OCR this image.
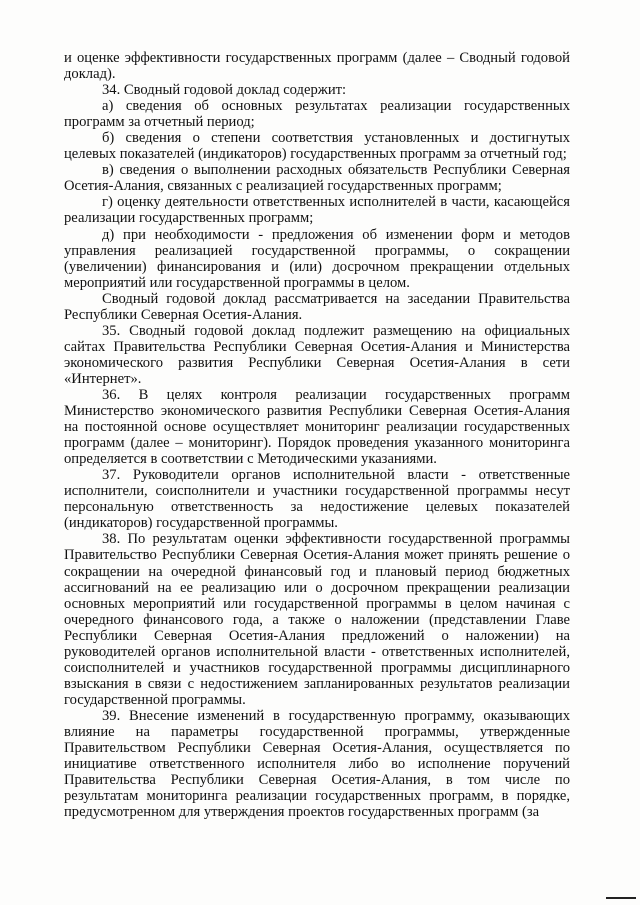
и оценке эффективности государственных программ (далее – Сводный годовой доклад).

34. Сводный годовой доклад содержит:

а) сведения об основных результатах реализации государственных программ за отчетный период;

б) сведения о степени соответствия установленных и достигнутых целевых показателей (индикаторов) государственных программ за отчетный год;

в) сведения о выполнении расходных обязательств Республики Северная Осетия-Алания, связанных с реализацией государственных программ;

г) оценку деятельности ответственных исполнителей в части, касающейся реализации государственных программ;

д) при необходимости - предложения об изменении форм и методов управления реализацией государственной программы, о сокращении (увеличении) финансирования и (или) досрочном прекращении отдельных мероприятий или государственной программы в целом.

Сводный годовой доклад рассматривается на заседании Правительства Республики Северная Осетия-Алания.

35. Сводный годовой доклад подлежит размещению на официальных сайтах Правительства Республики Северная Осетия-Алания и Министерства экономического развития Республики Северная Осетия-Алания в сети «Интернет».

36. В целях контроля реализации государственных программ Министерство экономического развития Республики Северная Осетия-Алания на постоянной основе осуществляет мониторинг реализации государственных программ (далее – мониторинг). Порядок проведения указанного мониторинга определяется в соответствии с Методическими указаниями.

37. Руководители органов исполнительной власти - ответственные исполнители, соисполнители и участники государственной программы несут персональную ответственность за недостижение целевых показателей (индикаторов) государственной программы.

38. По результатам оценки эффективности государственной программы Правительство Республики Северная Осетия-Алания может принять решение о сокращении на очередной финансовый год и плановый период бюджетных ассигнований на ее реализацию или о досрочном прекращении реализации основных мероприятий или государственной программы в целом начиная с очередного финансового года, а также о наложении (представлении Главе Республики Северная Осетия-Алания предложений о наложении) на руководителей органов исполнительной власти - ответственных исполнителей, соисполнителей и участников государственной программы дисциплинарного взыскания в связи с недостижением запланированных результатов реализации государственной программы.

39. Внесение изменений в государственную программу, оказывающих влияние на параметры государственной программы, утвержденные Правительством Республики Северная Осетия-Алания, осуществляется по инициативе ответственного исполнителя либо во исполнение поручений Правительства Республики Северная Осетия-Алания, в том числе по результатам мониторинга реализации государственных программ, в порядке, предусмотренном для утверждения проектов государственных программ (за
